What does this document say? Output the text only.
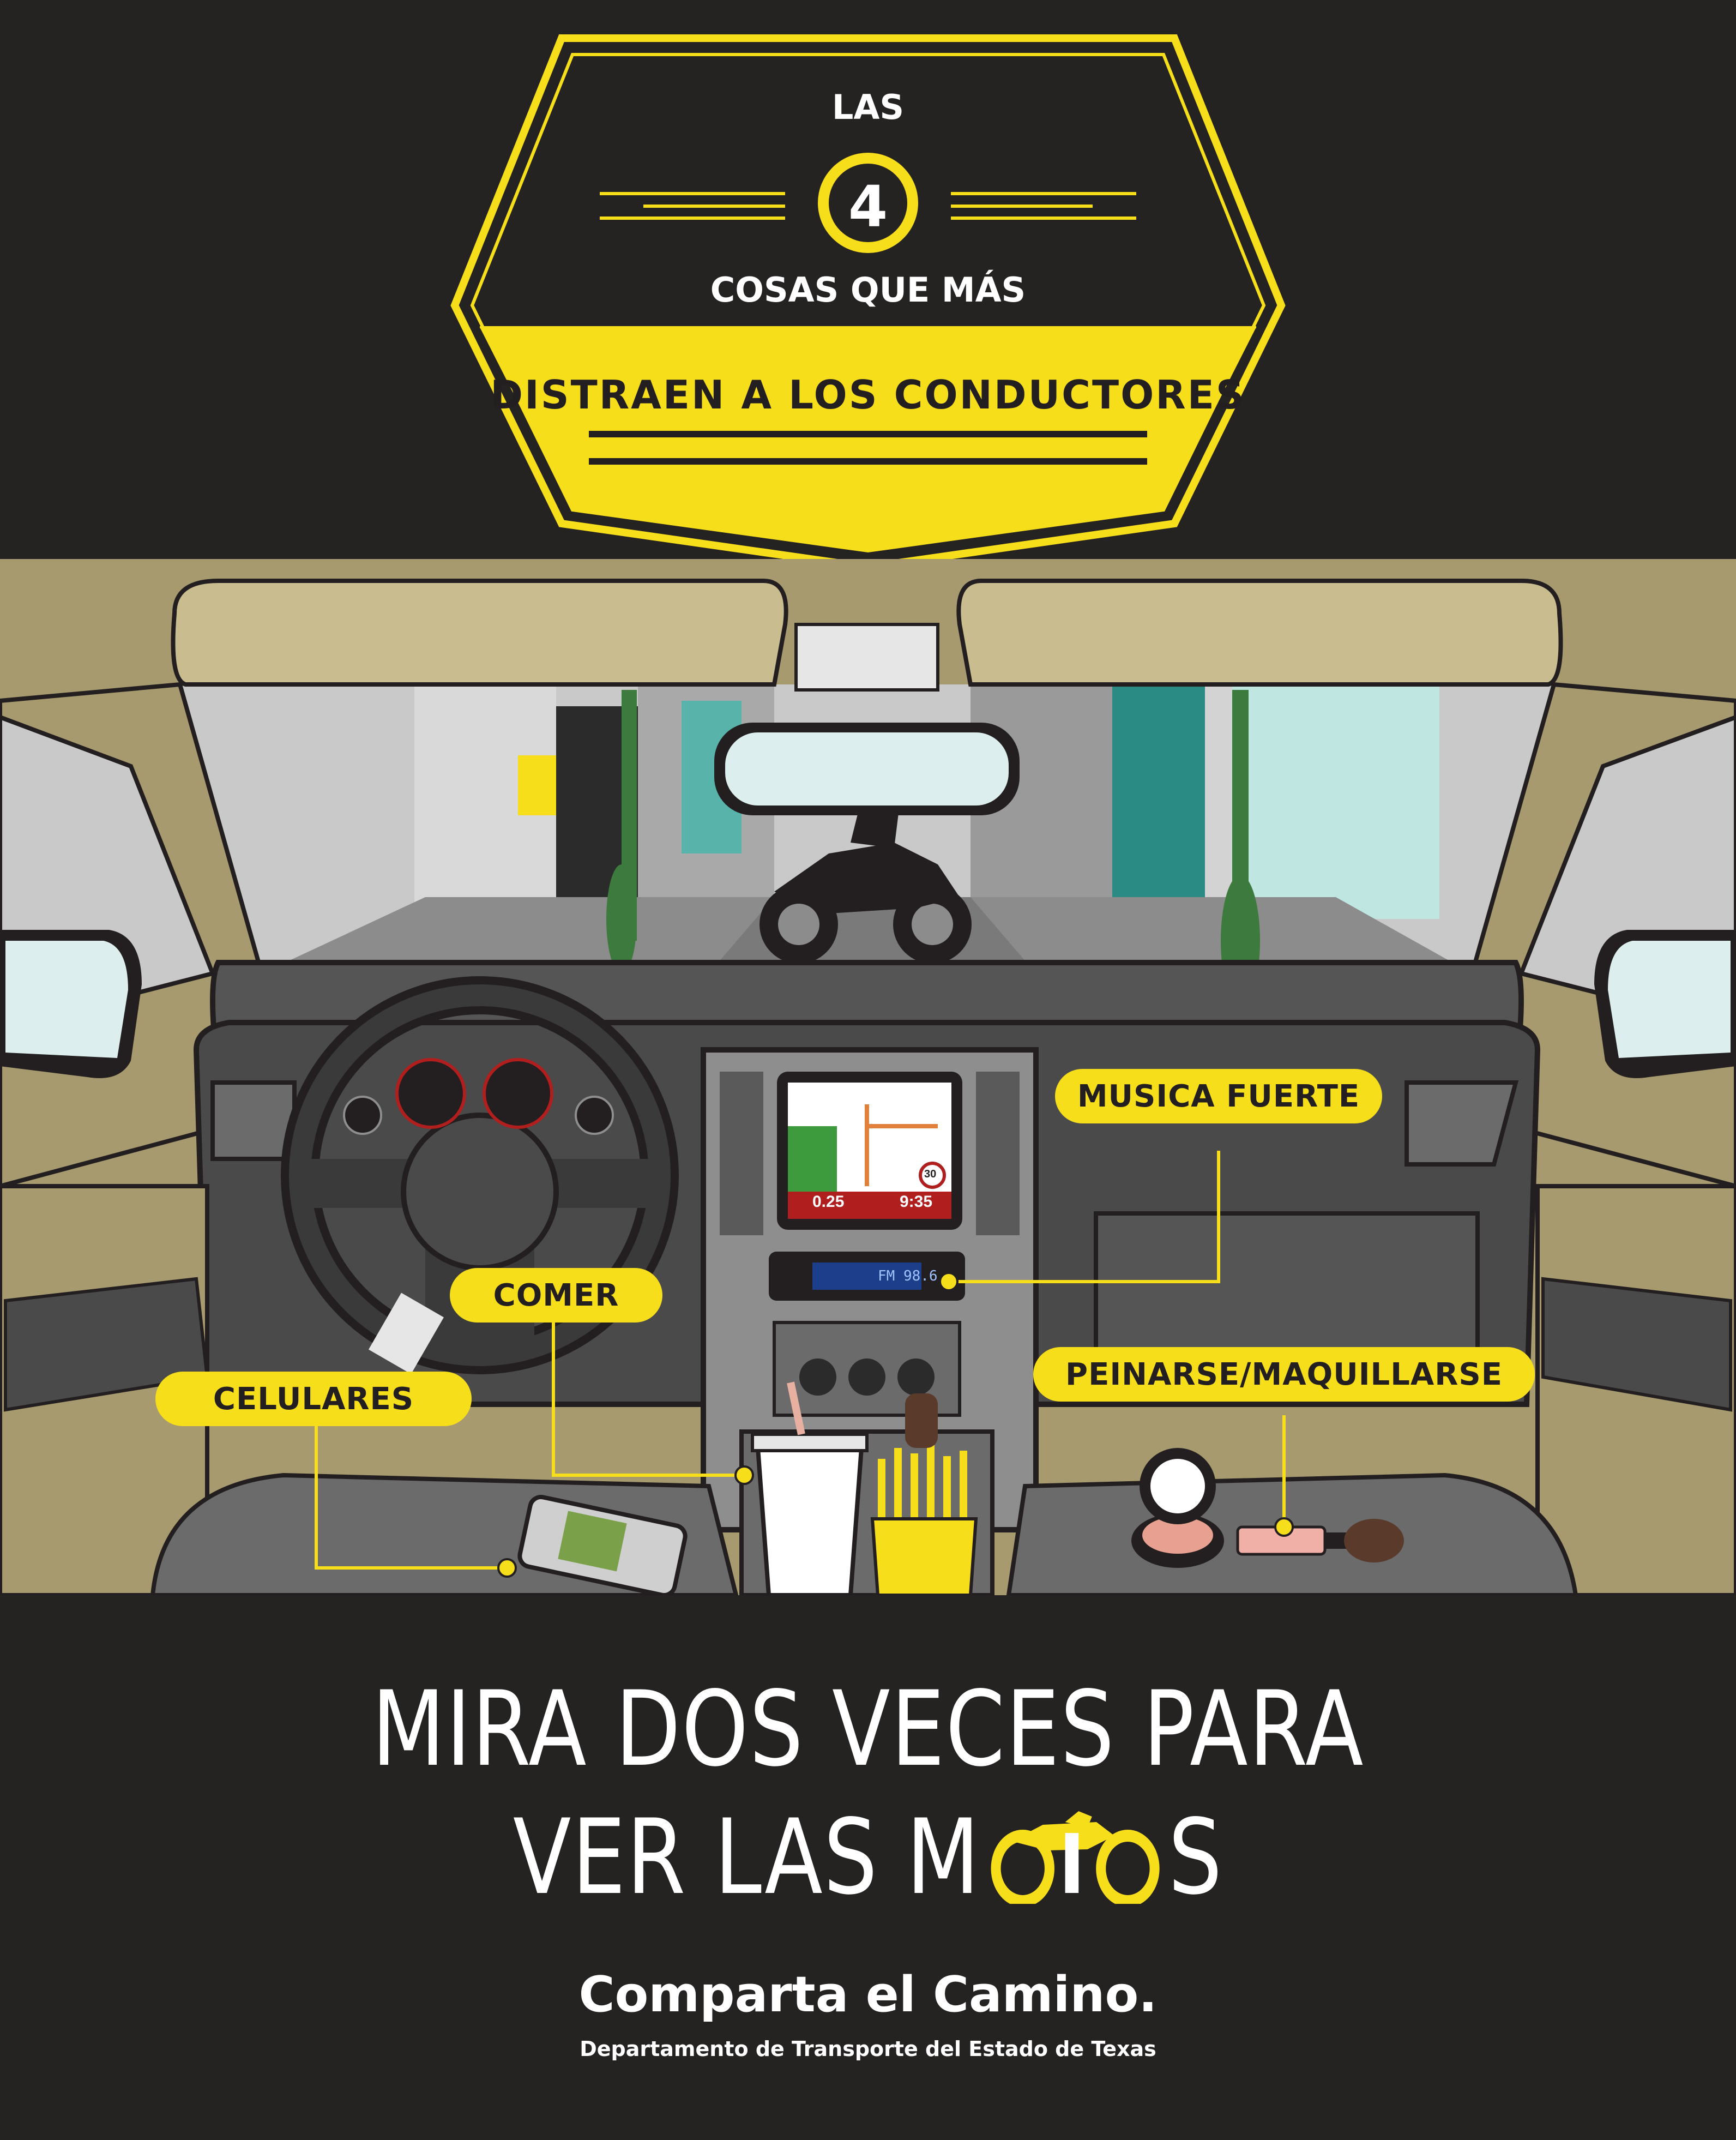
LAS
4
COSAS QUE MÁS
DISTRAEN A LOS CONDUCTORES
0.25	9:35
30
FM 98.6
MUSICA FUERTE
COMER
CELULARES
PEINARSE/MAQUILLARSE
MIRA DOS VECES PARA
VER LAS M S
Comparta el Camino.
Departamento de Transporte del Estado de Texas
